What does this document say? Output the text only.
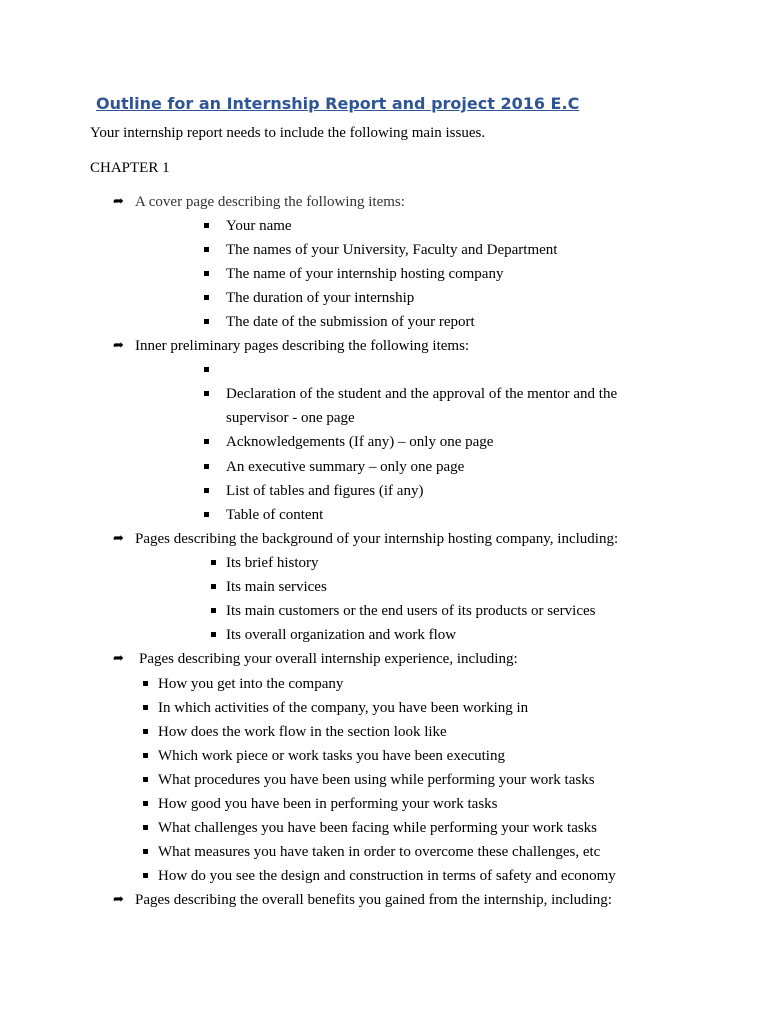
Outline for an Internship Report and project 2016 E.C
Your internship report needs to include the following main issues.
CHAPTER 1
➦ A cover page describing the following items:
Your name
The names of your University, Faculty and Department
The name of your internship hosting company
The duration of your internship
The date of the submission of your report
➦ Inner preliminary pages describing the following items:
Declaration of the student and the approval of the mentor and the
supervisor - one page
Acknowledgements (If any) – only one page
An executive summary – only one page
List of tables and figures (if any)
Table of content
➦ Pages describing the background of your internship hosting company, including:
Its brief history
Its main services
Its main customers or the end users of its products or services
Its overall organization and work flow
➦ Pages describing your overall internship experience, including:
How you get into the company
In which activities of the company, you have been working in
How does the work flow in the section look like
Which work piece or work tasks you have been executing
What procedures you have been using while performing your work tasks
How good you have been in performing your work tasks
What challenges you have been facing while performing your work tasks
What measures you have taken in order to overcome these challenges, etc
How do you see the design and construction in terms of safety and economy
➦ Pages describing the overall benefits you gained from the internship, including:
